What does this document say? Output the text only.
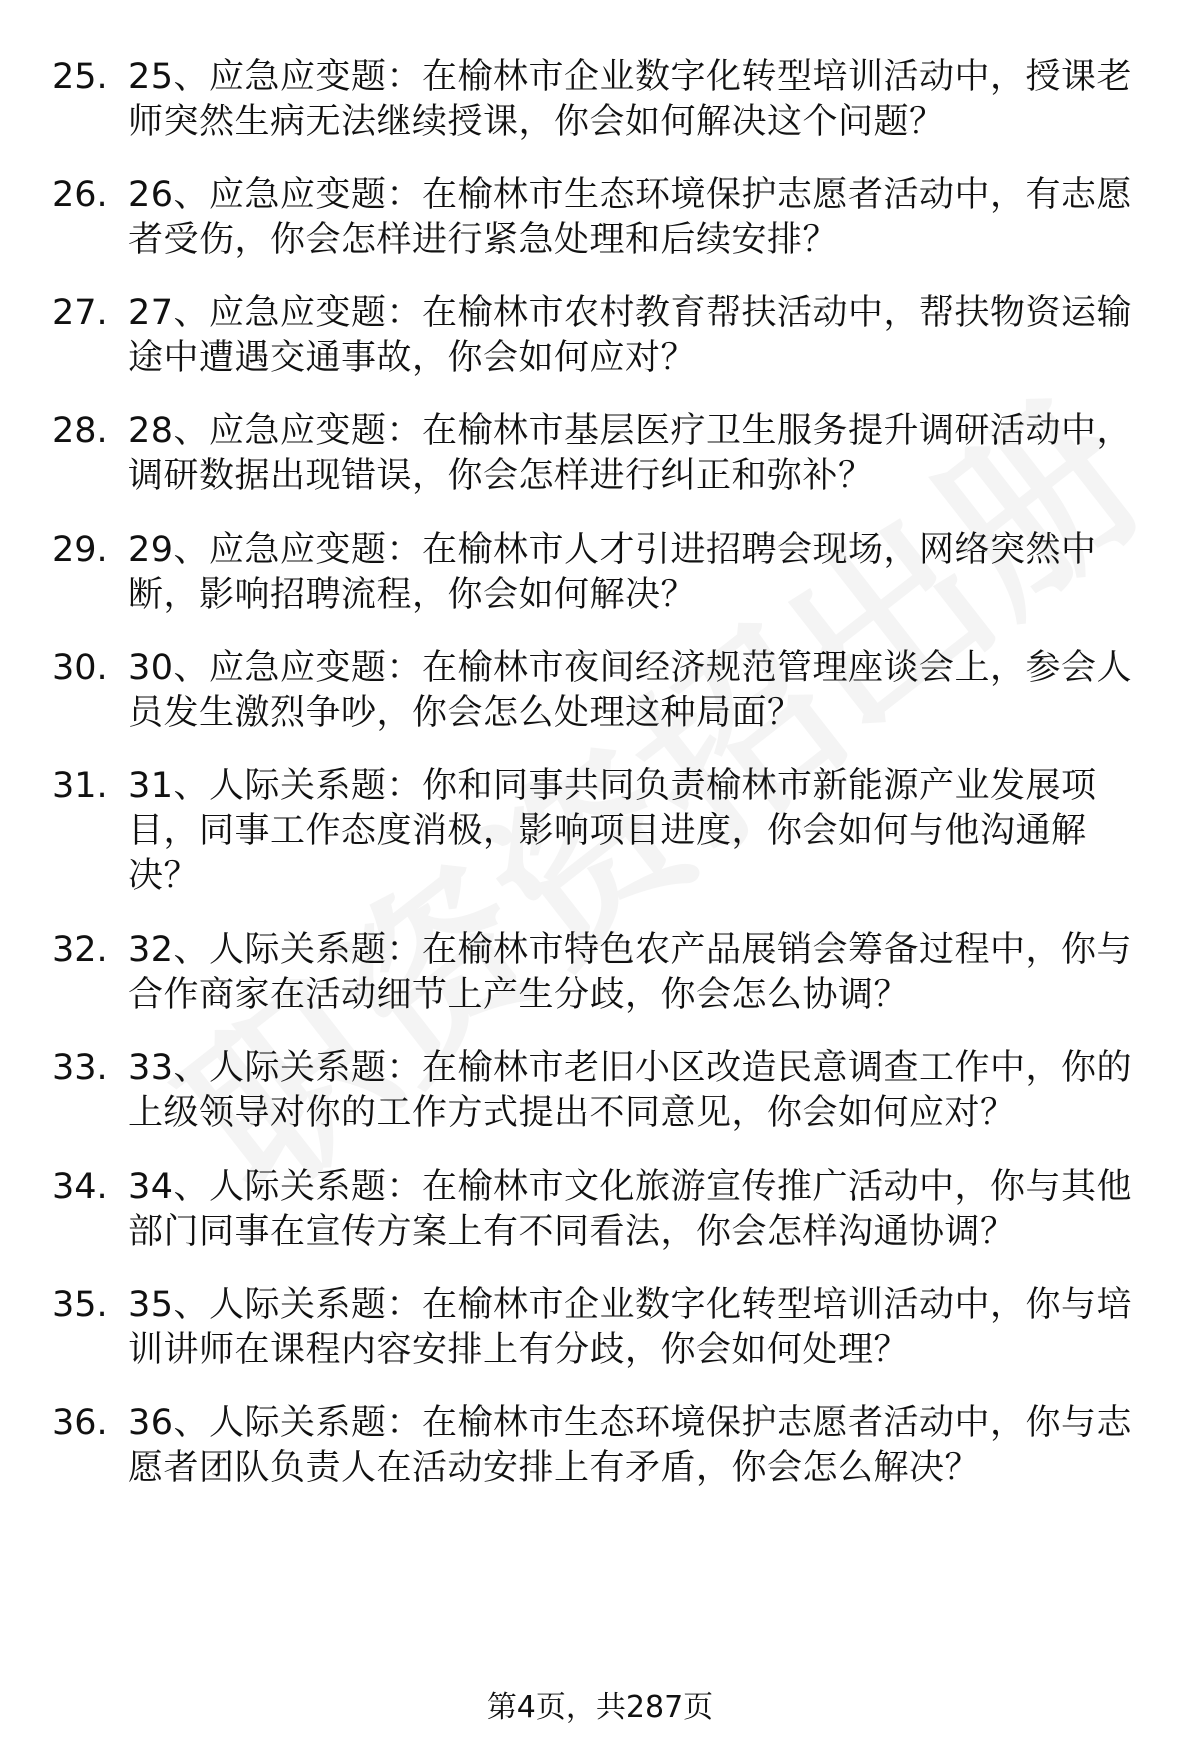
25. 25、应急应变题：在榆林市企业数字化转型培训活动中，授课老
师突然生病无法继续授课，你会如何解决这个问题？
26. 26、应急应变题：在榆林市生态环境保护志愿者活动中，有志愿
者受伤，你会怎样进行紧急处理和后续安排？
27. 27、应急应变题：在榆林市农村教育帮扶活动中，帮扶物资运输
途中遭遇交通事故，你会如何应对？
28. 28、应急应变题：在榆林市基层医疗卫生服务提升调研活动中，
调研数据出现错误，你会怎样进行纠正和弥补？
29. 29、应急应变题：在榆林市人才引进招聘会现场，网络突然中
断，影响招聘流程，你会如何解决？
30. 30、应急应变题：在榆林市夜间经济规范管理座谈会上，参会人
员发生激烈争吵，你会怎么处理这种局面？
31. 31、人际关系题：你和同事共同负责榆林市新能源产业发展项
目，同事工作态度消极，影响项目进度，你会如何与他沟通解
决？
32. 32、人际关系题：在榆林市特色农产品展销会筹备过程中，你与
合作商家在活动细节上产生分歧，你会怎么协调？
33. 33、人际关系题：在榆林市老旧小区改造民意调查工作中，你的
上级领导对你的工作方式提出不同意见，你会如何应对？
34. 34、人际关系题：在榆林市文化旅游宣传推广活动中，你与其他
部门同事在宣传方案上有不同看法，你会怎样沟通协调？
35. 35、人际关系题：在榆林市企业数字化转型培训活动中，你与培
训讲师在课程内容安排上有分歧，你会如何处理？
36. 36、人际关系题：在榆林市生态环境保护志愿者活动中，你与志
愿者团队负责人在活动安排上有矛盾，你会怎么解决？
第4页，共287页
